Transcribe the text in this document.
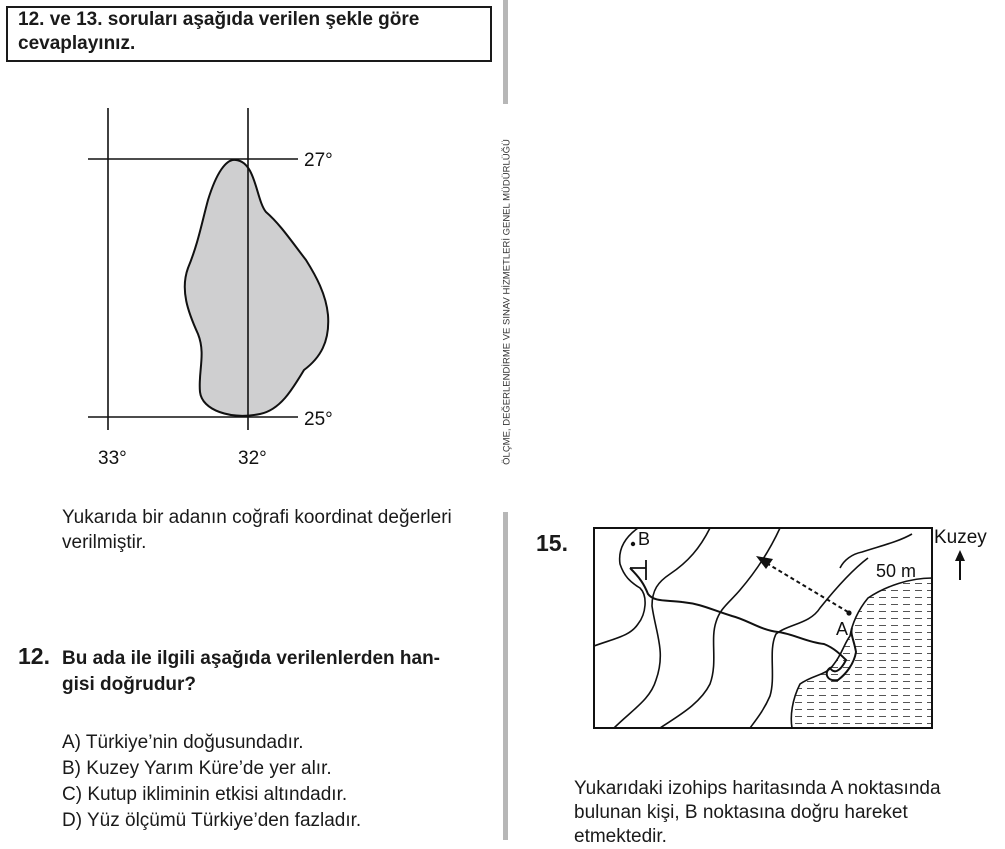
12. ve 13. soruları aşağıda verilen şekle göre
cevaplayınız.
27°
25°
33°	32°
Yukarıda bir adanın coğrafi koordinat değerleri
verilmiştir.
12. Bu ada ile ilgili aşağıda verilenlerden han-
gisi doğrudur?
A) Türkiye’nin doğusundadır.
B) Kuzey Yarım Küre’de yer alır.
C) Kutup ikliminin etkisi altındadır.
D) Yüz ölçümü Türkiye’den fazladır.
ÖLÇME, DEĞERLENDİRME VE SINAV HİZMETLERİ GENEL MÜDÜRLÜĞÜ
15.
A
B
50 m
Kuzey
Yukarıdaki izohips haritasında A noktasında
bulunan kişi, B noktasına doğru hareket
etmektedir.
